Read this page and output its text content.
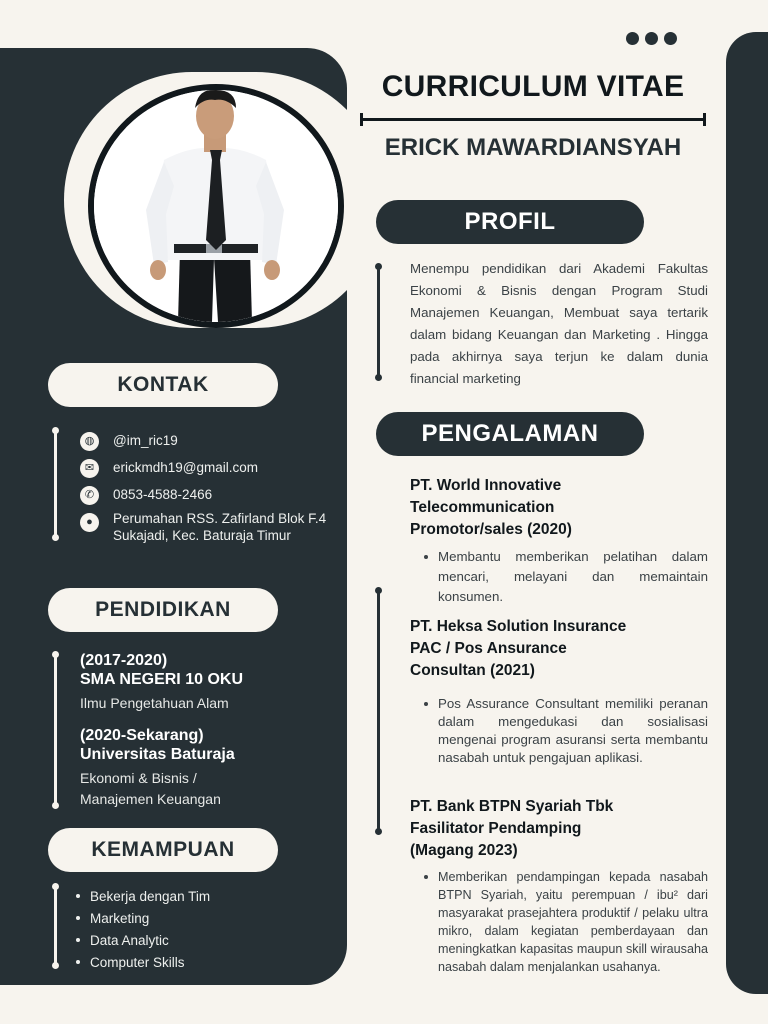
KONTAK
◍	@im_ric19
✉	erickmdh19@gmail.com
✆	0853-4588-2466
●	Perumahan RSS. Zafirland Blok F.4 Sukajadi, Kec. Baturaja Timur
PENDIDIKAN
(2017-2020)
SMA NEGERI 10 OKU
Ilmu Pengetahuan Alam
(2020-Sekarang)
Universitas Baturaja
Ekonomi & Bisnis / Manajemen Keuangan
KEMAMPUAN
Bekerja dengan Tim
Marketing
Data Analytic
Computer Skills
CURRICULUM VITAE
ERICK MAWARDIANSYAH
PROFIL
Menempu pendidikan dari Akademi Fakultas Ekonomi & Bisnis dengan Program Studi Manajemen Keuangan, Membuat saya tertarik dalam bidang Keuangan dan Marketing . Hingga pada akhirnya saya terjun ke dalam dunia financial marketing
PENGALAMAN
PT. World Innovative
Telecommunication
Promotor/sales (2020)
Membantu memberikan pelatihan dalam mencari, melayani dan memaintain konsumen.
PT. Heksa Solution Insurance
PAC / Pos Ansurance
Consultan (2021)
Pos Assurance Consultant memiliki peranan dalam mengedukasi dan sosialisasi mengenai program asuransi serta membantu nasabah untuk pengajuan aplikasi.
PT. Bank BTPN Syariah Tbk
Fasilitator Pendamping
(Magang 2023)
Memberikan pendampingan kepada nasabah BTPN Syariah, yaitu perempuan / ibu² dari masyarakat prasejahtera produktif / pelaku ultra mikro, dalam kegiatan pemberdayaan dan meningkatkan kapasitas maupun skill wirausaha nasabah dalam menjalankan usahanya.
